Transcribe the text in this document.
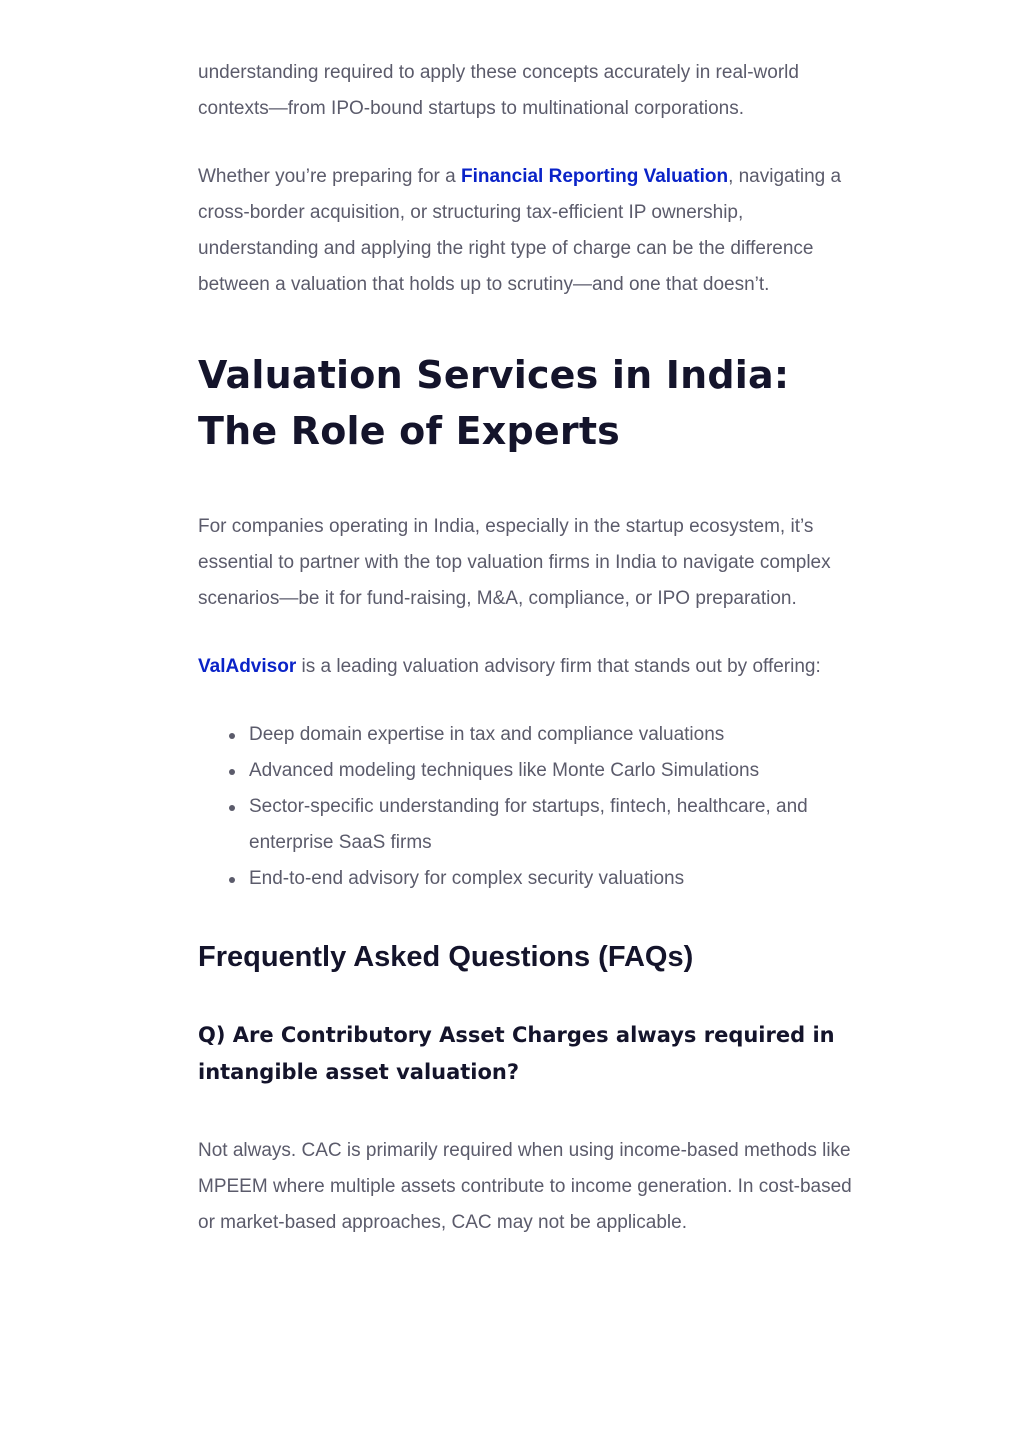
understanding required to apply these concepts accurately in real-world contexts—from IPO-bound startups to multinational corporations.

Whether you’re preparing for a Financial Reporting Valuation, navigating a cross-border acquisition, or structuring tax-efficient IP ownership, understanding and applying the right type of charge can be the difference between a valuation that holds up to scrutiny—and one that doesn’t.

Valuation Services in India:
The Role of Experts

For companies operating in India, especially in the startup ecosystem, it’s essential to partner with the top valuation firms in India to navigate complex scenarios—be it for fund-raising, M&A, compliance, or IPO preparation.

ValAdvisor is a leading valuation advisory firm that stands out by offering:

Deep domain expertise in tax and compliance valuations
Advanced modeling techniques like Monte Carlo Simulations
Sector-specific understanding for startups, fintech, healthcare, and enterprise SaaS firms
End-to-end advisory for complex security valuations
Frequently Asked Questions (FAQs)
Q) Are Contributory Asset Charges always required in intangible asset valuation?

Not always. CAC is primarily required when using income-based methods like MPEEM where multiple assets contribute to income generation. In cost-based or market-based approaches, CAC may not be applicable.
